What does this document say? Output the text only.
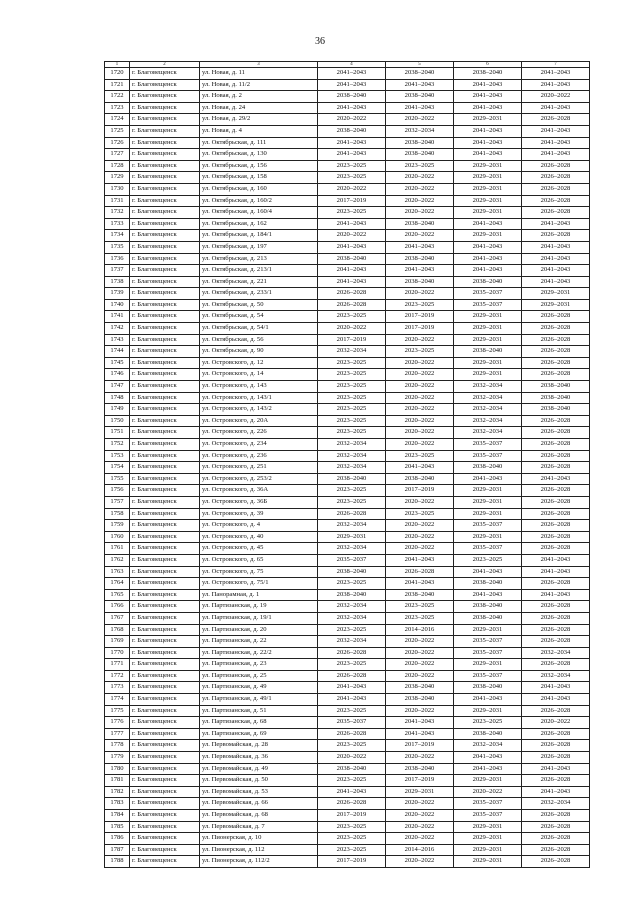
36
1	2	3	4	5	6	7
1720	г. Благовещенск	ул. Новая, д. 11	2041–2043	2038–2040	2038–2040	2041–2043
1721	г. Благовещенск	ул. Новая, д. 11/2	2041–2043	2041–2043	2041–2043	2041–2043
1722	г. Благовещенск	ул. Новая, д. 2	2038–2040	2038–2040	2041–2043	2020–2022
1723	г. Благовещенск	ул. Новая, д. 24	2041–2043	2041–2043	2041–2043	2041–2043
1724	г. Благовещенск	ул. Новая, д. 29/2	2020–2022	2020–2022	2029–2031	2026–2028
1725	г. Благовещенск	ул. Новая, д. 4	2038–2040	2032–2034	2041–2043	2041–2043
1726	г. Благовещенск	ул. Октябрьская, д. 111	2041–2043	2038–2040	2041–2043	2041–2043
1727	г. Благовещенск	ул. Октябрьская, д. 130	2041–2043	2038–2040	2041–2043	2041–2043
1728	г. Благовещенск	ул. Октябрьская, д. 156	2023–2025	2023–2025	2029–2031	2026–2028
1729	г. Благовещенск	ул. Октябрьская, д. 158	2023–2025	2020–2022	2029–2031	2026–2028
1730	г. Благовещенск	ул. Октябрьская, д. 160	2020–2022	2020–2022	2029–2031	2026–2028
1731	г. Благовещенск	ул. Октябрьская, д. 160/2	2017–2019	2020–2022	2029–2031	2026–2028
1732	г. Благовещенск	ул. Октябрьская, д. 160/4	2023–2025	2020–2022	2029–2031	2026–2028
1733	г. Благовещенск	ул. Октябрьская, д. 162	2041–2043	2038–2040	2041–2043	2041–2043
1734	г. Благовещенск	ул. Октябрьская, д. 184/1	2020–2022	2020–2022	2029–2031	2026–2028
1735	г. Благовещенск	ул. Октябрьская, д. 197	2041–2043	2041–2043	2041–2043	2041–2043
1736	г. Благовещенск	ул. Октябрьская, д. 213	2038–2040	2038–2040	2041–2043	2041–2043
1737	г. Благовещенск	ул. Октябрьская, д. 213/1	2041–2043	2041–2043	2041–2043	2041–2043
1738	г. Благовещенск	ул. Октябрьская, д. 221	2041–2043	2038–2040	2038–2040	2041–2043
1739	г. Благовещенск	ул. Октябрьская, д. 233/1	2026–2028	2020–2022	2035–2037	2029–2031
1740	г. Благовещенск	ул. Октябрьская, д. 50	2026–2028	2023–2025	2035–2037	2029–2031
1741	г. Благовещенск	ул. Октябрьская, д. 54	2023–2025	2017–2019	2029–2031	2026–2028
1742	г. Благовещенск	ул. Октябрьская, д. 54/1	2020–2022	2017–2019	2029–2031	2026–2028
1743	г. Благовещенск	ул. Октябрьская, д. 56	2017–2019	2020–2022	2029–2031	2026–2028
1744	г. Благовещенск	ул. Октябрьская, д. 90	2032–2034	2023–2025	2038–2040	2026–2028
1745	г. Благовещенск	ул. Островского, д. 12	2023–2025	2020–2022	2029–2031	2026–2028
1746	г. Благовещенск	ул. Островского, д. 14	2023–2025	2020–2022	2029–2031	2026–2028
1747	г. Благовещенск	ул. Островского, д. 143	2023–2025	2020–2022	2032–2034	2038–2040
1748	г. Благовещенск	ул. Островского, д. 143/1	2023–2025	2020–2022	2032–2034	2038–2040
1749	г. Благовещенск	ул. Островского, д. 143/2	2023–2025	2020–2022	2032–2034	2038–2040
1750	г. Благовещенск	ул. Островского, д. 20А	2023–2025	2020–2022	2032–2034	2026–2028
1751	г. Благовещенск	ул. Островского, д. 226	2023–2025	2020–2022	2032–2034	2026–2028
1752	г. Благовещенск	ул. Островского, д. 234	2032–2034	2020–2022	2035–2037	2026–2028
1753	г. Благовещенск	ул. Островского, д. 236	2032–2034	2023–2025	2035–2037	2026–2028
1754	г. Благовещенск	ул. Островского, д. 251	2032–2034	2041–2043	2038–2040	2026–2028
1755	г. Благовещенск	ул. Островского, д. 253/2	2038–2040	2038–2040	2041–2043	2041–2043
1756	г. Благовещенск	ул. Островского, д. 36А	2023–2025	2017–2019	2029–2031	2026–2028
1757	г. Благовещенск	ул. Островского, д. 36Б	2023–2025	2020–2022	2029–2031	2026–2028
1758	г. Благовещенск	ул. Островского, д. 39	2026–2028	2023–2025	2029–2031	2026–2028
1759	г. Благовещенск	ул. Островского, д. 4	2032–2034	2020–2022	2035–2037	2026–2028
1760	г. Благовещенск	ул. Островского, д. 40	2029–2031	2020–2022	2029–2031	2026–2028
1761	г. Благовещенск	ул. Островского, д. 45	2032–2034	2020–2022	2035–2037	2026–2028
1762	г. Благовещенск	ул. Островского, д. 65	2035–2037	2041–2043	2023–2025	2041–2043
1763	г. Благовещенск	ул. Островского, д. 75	2038–2040	2026–2028	2041–2043	2041–2043
1764	г. Благовещенск	ул. Островского, д. 75/1	2023–2025	2041–2043	2038–2040	2026–2028
1765	г. Благовещенск	ул. Панорамная, д. 1	2038–2040	2038–2040	2041–2043	2041–2043
1766	г. Благовещенск	ул. Партизанская, д. 19	2032–2034	2023–2025	2038–2040	2026–2028
1767	г. Благовещенск	ул. Партизанская, д. 19/1	2032–2034	2023–2025	2038–2040	2026–2028
1768	г. Благовещенск	ул. Партизанская, д. 20	2023–2025	2014–2016	2029–2031	2026–2028
1769	г. Благовещенск	ул. Партизанская, д. 22	2032–2034	2020–2022	2035–2037	2026–2028
1770	г. Благовещенск	ул. Партизанская, д. 22/2	2026–2028	2020–2022	2035–2037	2032–2034
1771	г. Благовещенск	ул. Партизанская, д. 23	2023–2025	2020–2022	2029–2031	2026–2028
1772	г. Благовещенск	ул. Партизанская, д. 25	2026–2028	2020–2022	2035–2037	2032–2034
1773	г. Благовещенск	ул. Партизанская, д. 49	2041–2043	2038–2040	2038–2040	2041–2043
1774	г. Благовещенск	ул. Партизанская, д. 49/1	2041–2043	2038–2040	2041–2043	2041–2043
1775	г. Благовещенск	ул. Партизанская, д. 51	2023–2025	2020–2022	2029–2031	2026–2028
1776	г. Благовещенск	ул. Партизанская, д. 68	2035–2037	2041–2043	2023–2025	2020–2022
1777	г. Благовещенск	ул. Партизанская, д. 69	2026–2028	2041–2043	2038–2040	2026–2028
1778	г. Благовещенск	ул. Первомайская, д. 28	2023–2025	2017–2019	2032–2034	2026–2028
1779	г. Благовещенск	ул. Первомайская, д. 36	2020–2022	2020–2022	2041–2043	2026–2028
1780	г. Благовещенск	ул. Первомайская, д. 49	2038–2040	2038–2040	2041–2043	2041–2043
1781	г. Благовещенск	ул. Первомайская, д. 50	2023–2025	2017–2019	2029–2031	2026–2028
1782	г. Благовещенск	ул. Первомайская, д. 53	2041–2043	2029–2031	2020–2022	2041–2043
1783	г. Благовещенск	ул. Первомайская, д. 66	2026–2028	2020–2022	2035–2037	2032–2034
1784	г. Благовещенск	ул. Первомайская, д. 68	2017–2019	2020–2022	2035–2037	2026–2028
1785	г. Благовещенск	ул. Первомайская, д. 7	2023–2025	2020–2022	2029–2031	2026–2028
1786	г. Благовещенск	ул. Пионерская, д. 10	2023–2025	2020–2022	2029–2031	2026–2028
1787	г. Благовещенск	ул. Пионерская, д. 112	2023–2025	2014–2016	2029–2031	2026–2028
1788	г. Благовещенск	ул. Пионерская, д. 112/2	2017–2019	2020–2022	2029–2031	2026–2028
